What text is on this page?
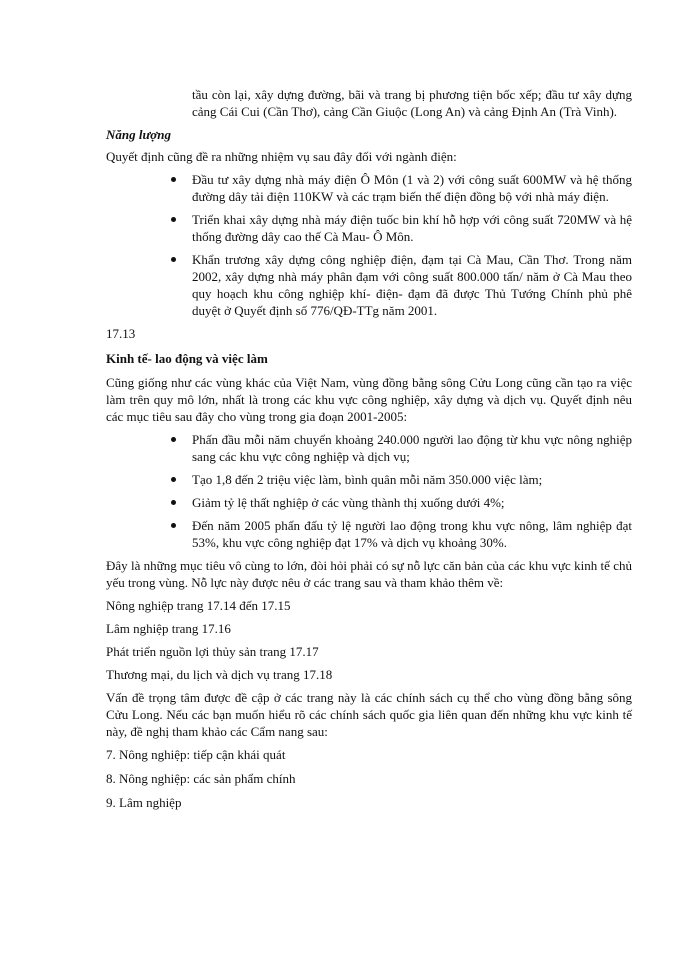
tầu còn lại, xây dựng đường, bãi và trang bị phương tiện bốc xếp; đầu tư xây dựng cảng Cái Cui (Cần Thơ), cảng Cần Giuộc (Long An) và cảng Định An (Trà Vinh).

Năng lượng

Quyết định cũng đề ra những nhiệm vụ sau đây đối với ngành điện:

Đầu tư xây dựng nhà máy điện Ô Môn (1 và 2) với công suất 600MW và hệ thống đường dây tải điện 110KW và các trạm biến thế điện đồng bộ với nhà máy điện.
Triển khai xây dựng nhà máy điện tuốc bin khí hỗ hợp với công suất 720MW và hệ thống đường dây cao thế Cà Mau- Ô Môn.
Khẩn trương xây dựng công nghiệp điện, đạm tại Cà Mau, Cần Thơ. Trong năm 2002, xây dựng nhà máy phân đạm với công suất 800.000 tấn/ năm ở Cà Mau theo quy hoạch khu công nghiệp khí- điện- đạm đã được Thủ Tướng Chính phủ phê duyệt ở Quyết định số 776/QĐ-TTg năm 2001.

17.13

Kinh tế- lao động và việc làm

Cũng giống như các vùng khác của Việt Nam, vùng đồng bằng sông Cửu Long cũng cần tạo ra việc làm trên quy mô lớn, nhất là trong các khu vực công nghiệp, xây dựng và dịch vụ. Quyết định nêu các mục tiêu sau đây cho vùng trong gia đoạn 2001-2005:

Phấn đầu mỗi năm chuyển khoảng 240.000 người lao động từ khu vực nông nghiệp sang các khu vực công nghiệp và dịch vụ;
Tạo 1,8 đến 2 triệu việc làm, bình quân mỗi năm 350.000 việc làm;
Giảm tỷ lệ thất nghiệp ở các vùng thành thị xuống dưới 4%;
Đến năm 2005 phấn đấu tỷ lệ người lao động trong khu vực nông, lâm nghiệp đạt 53%, khu vực công nghiệp đạt 17% và dịch vụ khoảng 30%.

Đây là những mục tiêu vô cùng to lớn, đòi hỏi phải có sự nỗ lực căn bản của các khu vực kinh tế chủ yếu trong vùng. Nỗ lực này được nêu ở các trang sau và tham khảo thêm về:

Nông nghiệp trang 17.14 đến 17.15

Lâm nghiệp trang 17.16

Phát triển nguồn lợi thủy sản trang 17.17

Thương mại, du lịch và dịch vụ trang 17.18

Vấn đề trọng tâm được đề cập ở các trang này là các chính sách cụ thể cho vùng đồng bằng sông Cửu Long. Nếu các bạn muốn hiểu rõ các chính sách quốc gia liên quan đến những khu vực kinh tế này, đề nghị tham khảo các Cẩm nang sau:

7. Nông nghiệp: tiếp cận khái quát

8. Nông nghiệp: các sản phẩm chính

9. Lâm nghiệp
